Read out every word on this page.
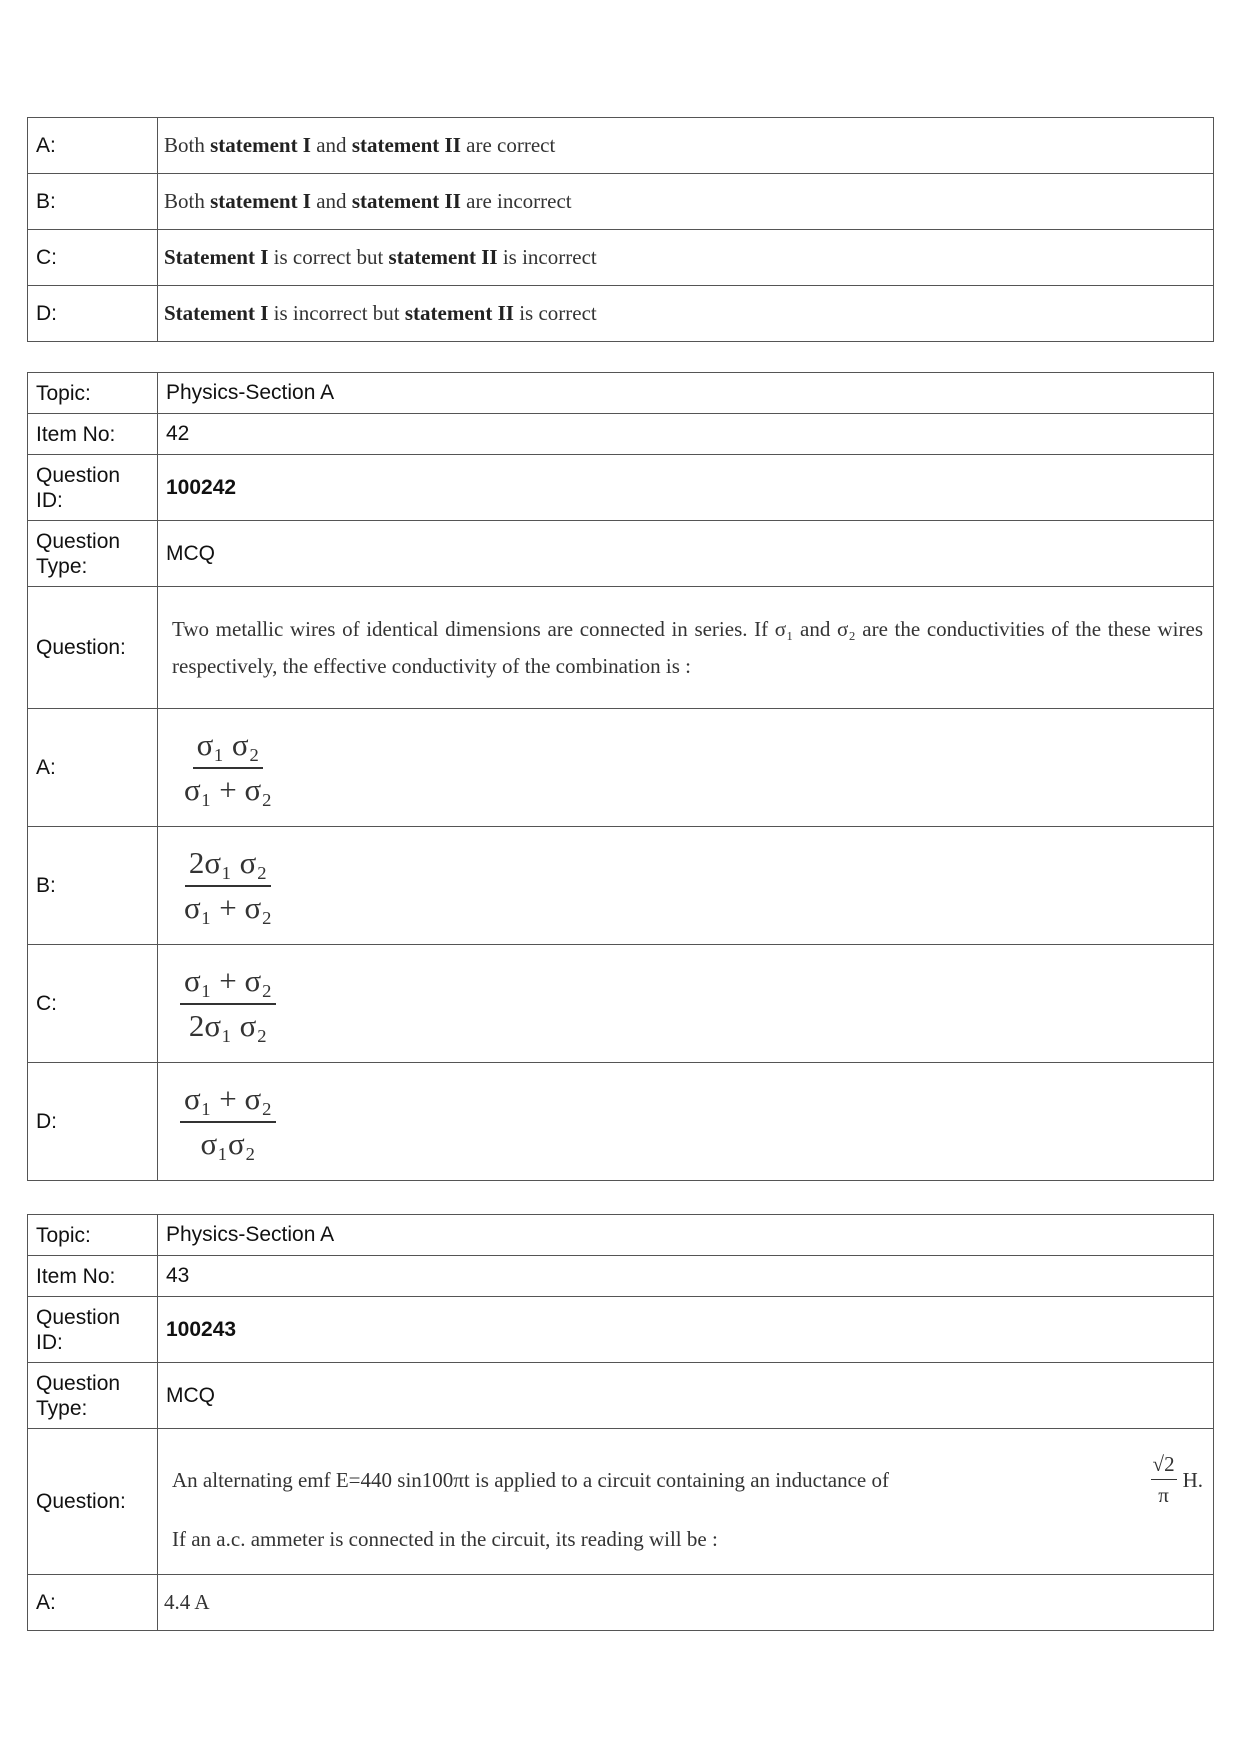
A:	Both statement I and statement II are correct
B:	Both statement I and statement II are incorrect
C:	Statement I is correct but statement II is incorrect
D:	Statement I is incorrect but statement II is correct
Topic:	Physics-Section A
Item No:	42
Question ID:	100242
Question Type:	MCQ
Question:	Two metallic wires of identical dimensions are connected in series. If σ₁ and σ₂ are the conductivities of the these wires respectively, the effective conductivity of the combination is :
A:	$\frac{\text{σ₁ σ₂}}{\text{σ₁ + σ₂}}$

B:	$\frac{\text{2σ₁ σ₂}}{\text{σ₁ + σ₂}}$

C:	$\frac{\text{σ₁ + σ₂}}{\text{2σ₁ σ₂}}$

D:	$\frac{\text{σ₁ + σ₂}}{\text{σ₁σ₂}}$
Topic:	Physics-Section A
Item No:	43
Question ID:	100243
Question Type:	MCQ
Question:	An alternating emf E=440 sin100πt is applied to a circuit containing an inductance of $\frac{√2}{\pi} H$.
If an a.c. ammeter is connected in the circuit, its reading will be :

A:	4.4 A
